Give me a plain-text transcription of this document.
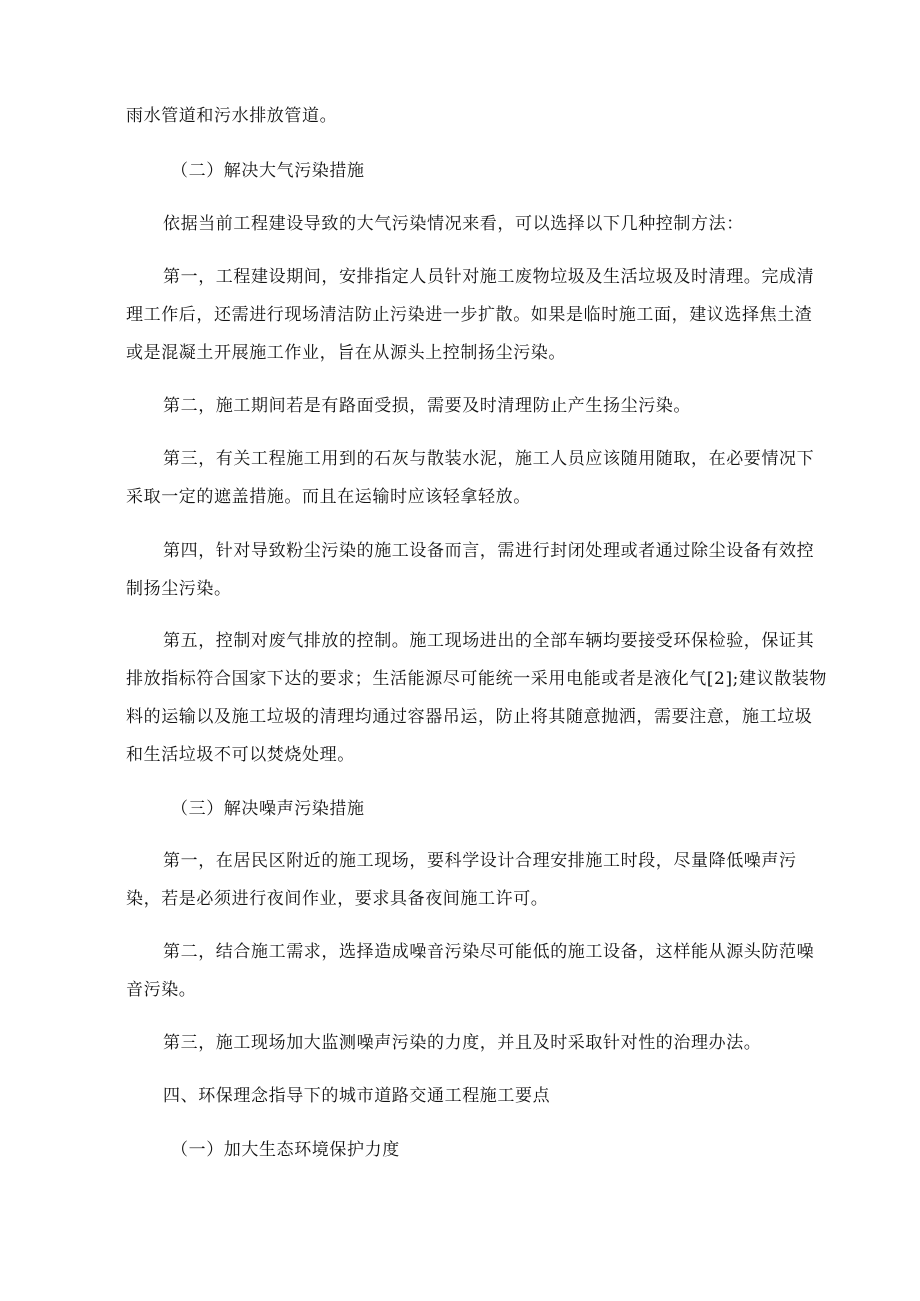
雨水管道和污水排放管道。
（二）解决大气污染措施
依据当前工程建设导致的大气污染情况来看，可以选择以下几种控制方法：
第一，工程建设期间，安排指定人员针对施工废物垃圾及生活垃圾及时清理。完成清
理工作后，还需进行现场清洁防止污染进一步扩散。如果是临时施工面，建议选择焦土渣
或是混凝土开展施工作业，旨在从源头上控制扬尘污染。
第二，施工期间若是有路面受损，需要及时清理防止产生扬尘污染。
第三，有关工程施工用到的石灰与散装水泥，施工人员应该随用随取，在必要情况下
采取一定的遮盖措施。而且在运输时应该轻拿轻放。
第四，针对导致粉尘污染的施工设备而言，需进行封闭处理或者通过除尘设备有效控
制扬尘污染。
第五，控制对废气排放的控制。施工现场进出的全部车辆均要接受环保检验，保证其
排放指标符合国家下达的要求；生活能源尽可能统一采用电能或者是液化气[2];建议散装物
料的运输以及施工垃圾的清理均通过容器吊运，防止将其随意抛洒，需要注意，施工垃圾
和生活垃圾不可以焚烧处理。
（三）解决噪声污染措施
第一，在居民区附近的施工现场，要科学设计合理安排施工时段，尽量降低噪声污
染，若是必须进行夜间作业，要求具备夜间施工许可。
第二，结合施工需求，选择造成噪音污染尽可能低的施工设备，这样能从源头防范噪
音污染。
第三，施工现场加大监测噪声污染的力度，并且及时采取针对性的治理办法。
四、环保理念指导下的城市道路交通工程施工要点
（一）加大生态环境保护力度
